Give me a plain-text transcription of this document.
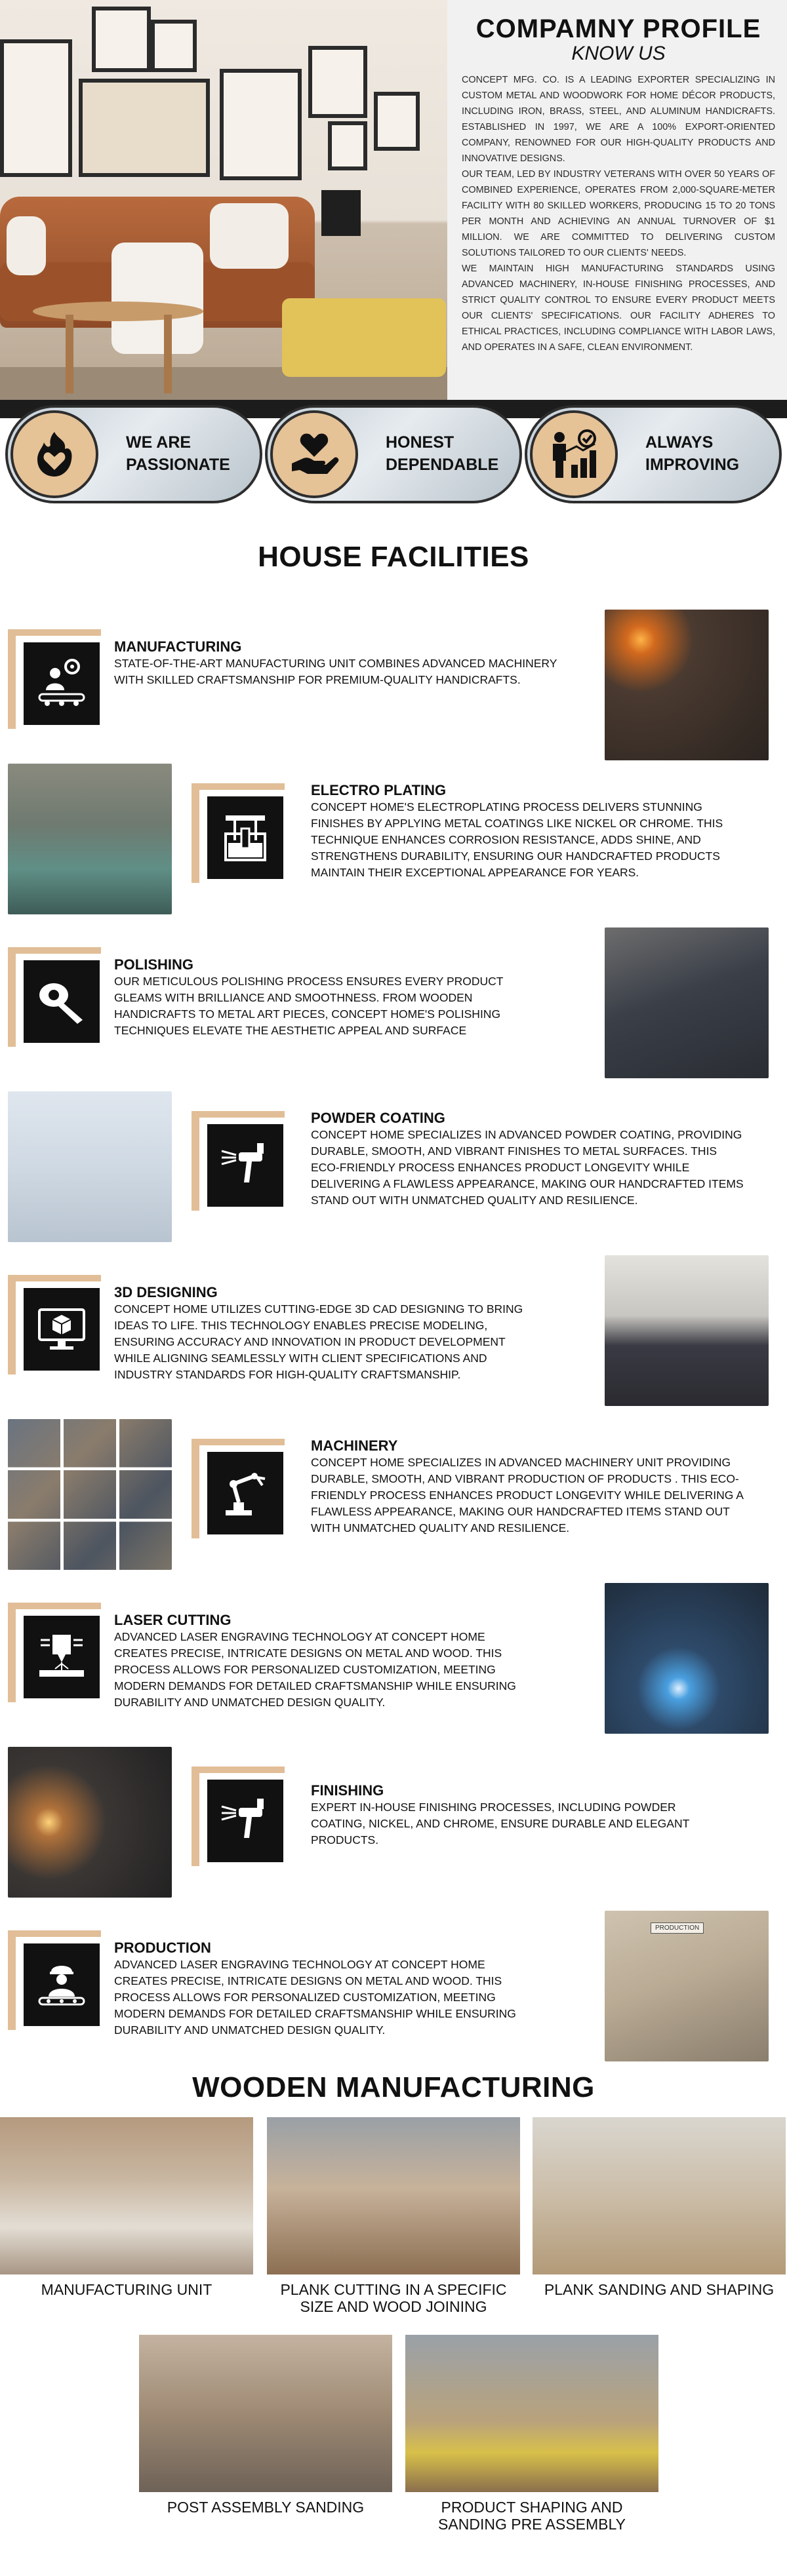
COMPAMNY PROFILE
KNOW US

CONCEPT MFG. CO. IS A LEADING EXPORTER SPECIALIZING IN CUSTOM METAL AND WOODWORK FOR HOME DÉCOR PRODUCTS, INCLUDING IRON, BRASS, STEEL, AND ALUMINUM HANDICRAFTS. ESTABLISHED IN 1997, WE ARE A 100% EXPORT-ORIENTED COMPANY, RENOWNED FOR OUR HIGH-QUALITY PRODUCTS AND INNOVATIVE DESIGNS.

OUR TEAM, LED BY INDUSTRY VETERANS WITH OVER 50 YEARS OF COMBINED EXPERIENCE, OPERATES FROM 2,000-SQUARE-METER FACILITY WITH 80 SKILLED WORKERS, PRODUCING 15 TO 20 TONS PER MONTH AND ACHIEVING AN ANNUAL TURNOVER OF $1 MILLION. WE ARE COMMITTED TO DELIVERING CUSTOM SOLUTIONS TAILORED TO OUR CLIENTS' NEEDS.

WE MAINTAIN HIGH MANUFACTURING STANDARDS USING ADVANCED MACHINERY, IN-HOUSE FINISHING PROCESSES, AND STRICT QUALITY CONTROL TO ENSURE EVERY PRODUCT MEETS OUR CLIENTS' SPECIFICATIONS. OUR FACILITY ADHERES TO ETHICAL PRACTICES, INCLUDING COMPLIANCE WITH LABOR LAWS, AND OPERATES IN A SAFE, CLEAN ENVIRONMENT.

WE ARE
PASSIONATE
HONEST
DEPENDABLE
ALWAYS
IMPROVING
HOUSE FACILITIES
MANUFACTURING
STATE-OF-THE-ART MANUFACTURING UNIT COMBINES ADVANCED MACHINERY WITH SKILLED CRAFTSMANSHIP FOR PREMIUM-QUALITY HANDICRAFTS.
ELECTRO PLATING
CONCEPT HOME'S ELECTROPLATING PROCESS DELIVERS STUNNING FINISHES BY APPLYING METAL COATINGS LIKE NICKEL OR CHROME. THIS TECHNIQUE ENHANCES CORROSION RESISTANCE, ADDS SHINE, AND STRENGTHENS DURABILITY, ENSURING OUR HANDCRAFTED PRODUCTS MAINTAIN THEIR EXCEPTIONAL APPEARANCE FOR YEARS.
POLISHING
OUR METICULOUS POLISHING PROCESS ENSURES EVERY PRODUCT GLEAMS WITH BRILLIANCE AND SMOOTHNESS. FROM WOODEN HANDICRAFTS TO METAL ART PIECES, CONCEPT HOME'S POLISHING TECHNIQUES ELEVATE THE AESTHETIC APPEAL AND SURFACE
POWDER COATING
CONCEPT HOME SPECIALIZES IN ADVANCED POWDER COATING, PROVIDING DURABLE, SMOOTH, AND VIBRANT FINISHES TO METAL SURFACES. THIS ECO-FRIENDLY PROCESS ENHANCES PRODUCT LONGEVITY WHILE DELIVERING A FLAWLESS APPEARANCE, MAKING OUR HANDCRAFTED ITEMS STAND OUT WITH UNMATCHED QUALITY AND RESILIENCE.
3D DESIGNING
CONCEPT HOME UTILIZES CUTTING-EDGE 3D CAD DESIGNING TO BRING IDEAS TO LIFE. THIS TECHNOLOGY ENABLES PRECISE MODELING, ENSURING ACCURACY AND INNOVATION IN PRODUCT DEVELOPMENT WHILE ALIGNING SEAMLESSLY WITH CLIENT SPECIFICATIONS AND INDUSTRY STANDARDS FOR HIGH-QUALITY CRAFTSMANSHIP.
MACHINERY
CONCEPT HOME SPECIALIZES IN ADVANCED MACHINERY UNIT PROVIDING DURABLE, SMOOTH, AND VIBRANT PRODUCTION OF PRODUCTS . THIS ECO-FRIENDLY PROCESS ENHANCES PRODUCT LONGEVITY WHILE DELIVERING A FLAWLESS APPEARANCE, MAKING OUR HANDCRAFTED ITEMS STAND OUT WITH UNMATCHED QUALITY AND RESILIENCE.
LASER CUTTING
ADVANCED LASER ENGRAVING TECHNOLOGY AT CONCEPT HOME CREATES PRECISE, INTRICATE DESIGNS ON METAL AND WOOD. THIS PROCESS ALLOWS FOR PERSONALIZED CUSTOMIZATION, MEETING MODERN DEMANDS FOR DETAILED CRAFTSMANSHIP WHILE ENSURING DURABILITY AND UNMATCHED DESIGN QUALITY.
FINISHING
EXPERT IN-HOUSE FINISHING PROCESSES, INCLUDING POWDER COATING, NICKEL, AND CHROME, ENSURE DURABLE AND ELEGANT PRODUCTS.
PRODUCTION
ADVANCED LASER ENGRAVING TECHNOLOGY AT CONCEPT HOME CREATES PRECISE, INTRICATE DESIGNS ON METAL AND WOOD. THIS PROCESS ALLOWS FOR PERSONALIZED CUSTOMIZATION, MEETING MODERN DEMANDS FOR DETAILED CRAFTSMANSHIP WHILE ENSURING DURABILITY AND UNMATCHED DESIGN QUALITY.
PRODUCTION
WOODEN MANUFACTURING
MANUFACTURING UNIT	PLANK CUTTING IN A SPECIFIC SIZE AND WOOD JOINING
PLANK SANDING AND SHAPING
POST ASSEMBLY SANDING	PRODUCT SHAPING AND SANDING PRE ASSEMBLY
